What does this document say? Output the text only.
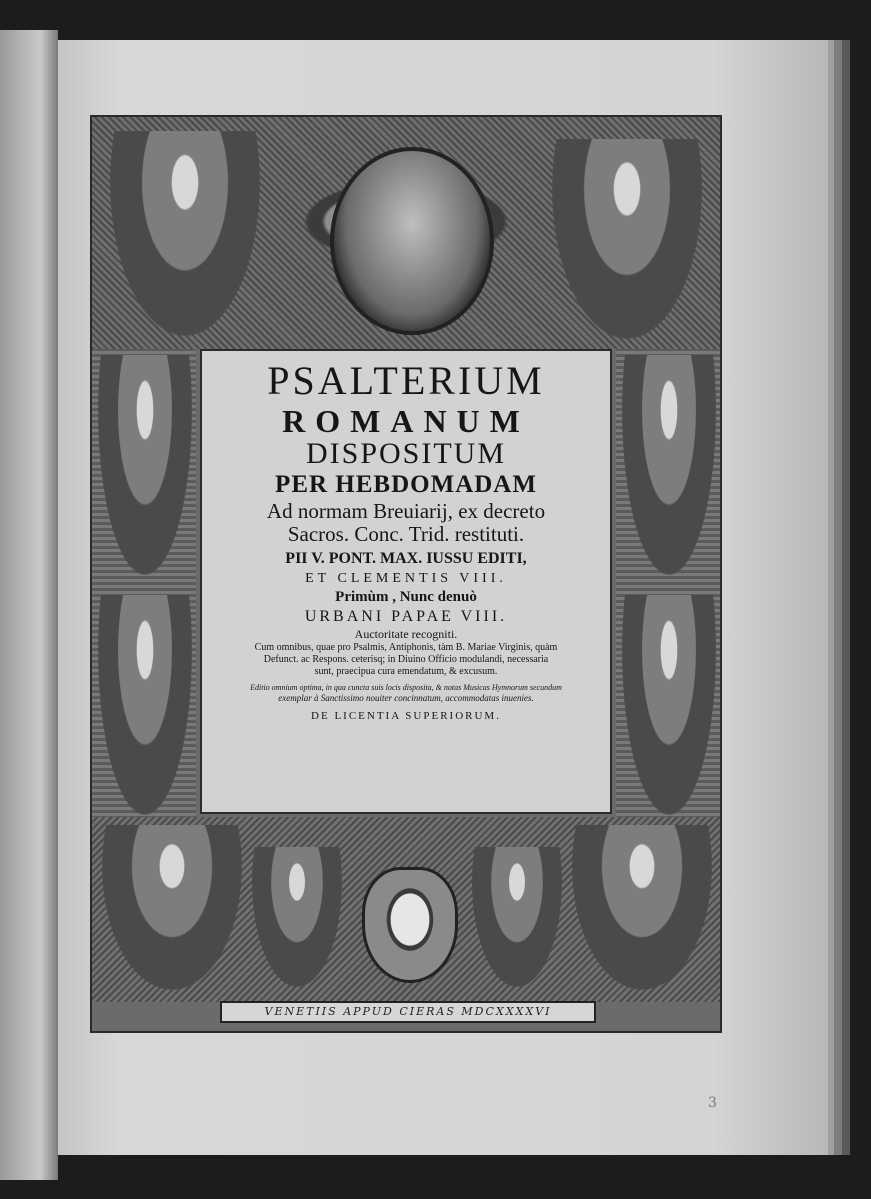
PSALTERIUM
ROMANUM
DISPOSITUM
PER HEBDOMADAM
Ad normam Breuiarij, ex decreto
Sacros. Conc. Trid. restituti.
PII V. PONT. MAX. IUSSU EDITI,
ET CLEMENTIS VIII.
Primùm , Nunc denuò
URBANI PAPAE VIII.
Auctoritate recogniti.
Cum omnibus, quae pro Psalmis, Antiphonis, tàm B. Mariae Virginis, quàm
Defunct. ac Respons. ceterisq; in Diuino Officio modulandi, necessaria
sunt, praecipua cura emendatum, & excusum.
Editio omnium optima, in qua cuncta suis locis disposita, & notas Musicas Hymnorum secundum
exemplar à Sanctissimo nouiter concinnatum, accommodatas inuenies.
DE LICENTIA SUPERIORUM.
VENETIIS APPUD CIERAS MDCXXXXVI
3
